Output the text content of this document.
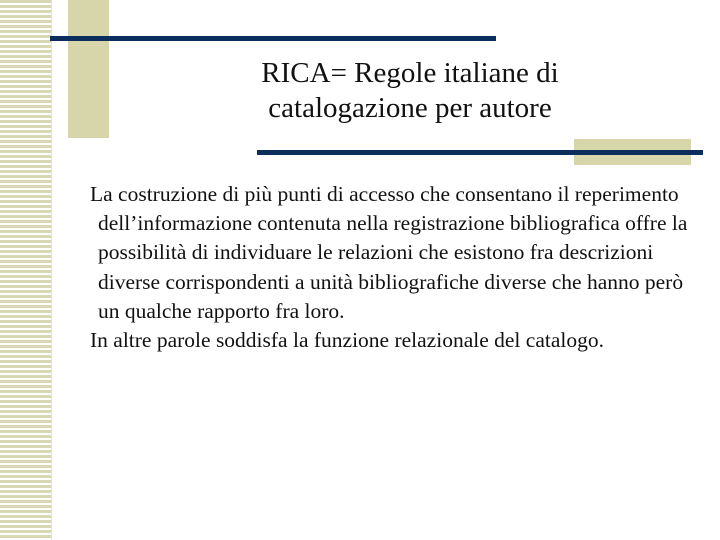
RICA= Regole italiane di
catalogazione per autore

La costruzione di più punti di accesso che consentano il reperimento dell’informazione contenuta nella registrazione bibliografica offre la possibilità di individuare le relazioni che esistono fra descrizioni diverse corrispondenti a unità bibliografiche diverse che hanno però un qualche rapporto fra loro.

In altre parole soddisfa la funzione relazionale del catalogo.
